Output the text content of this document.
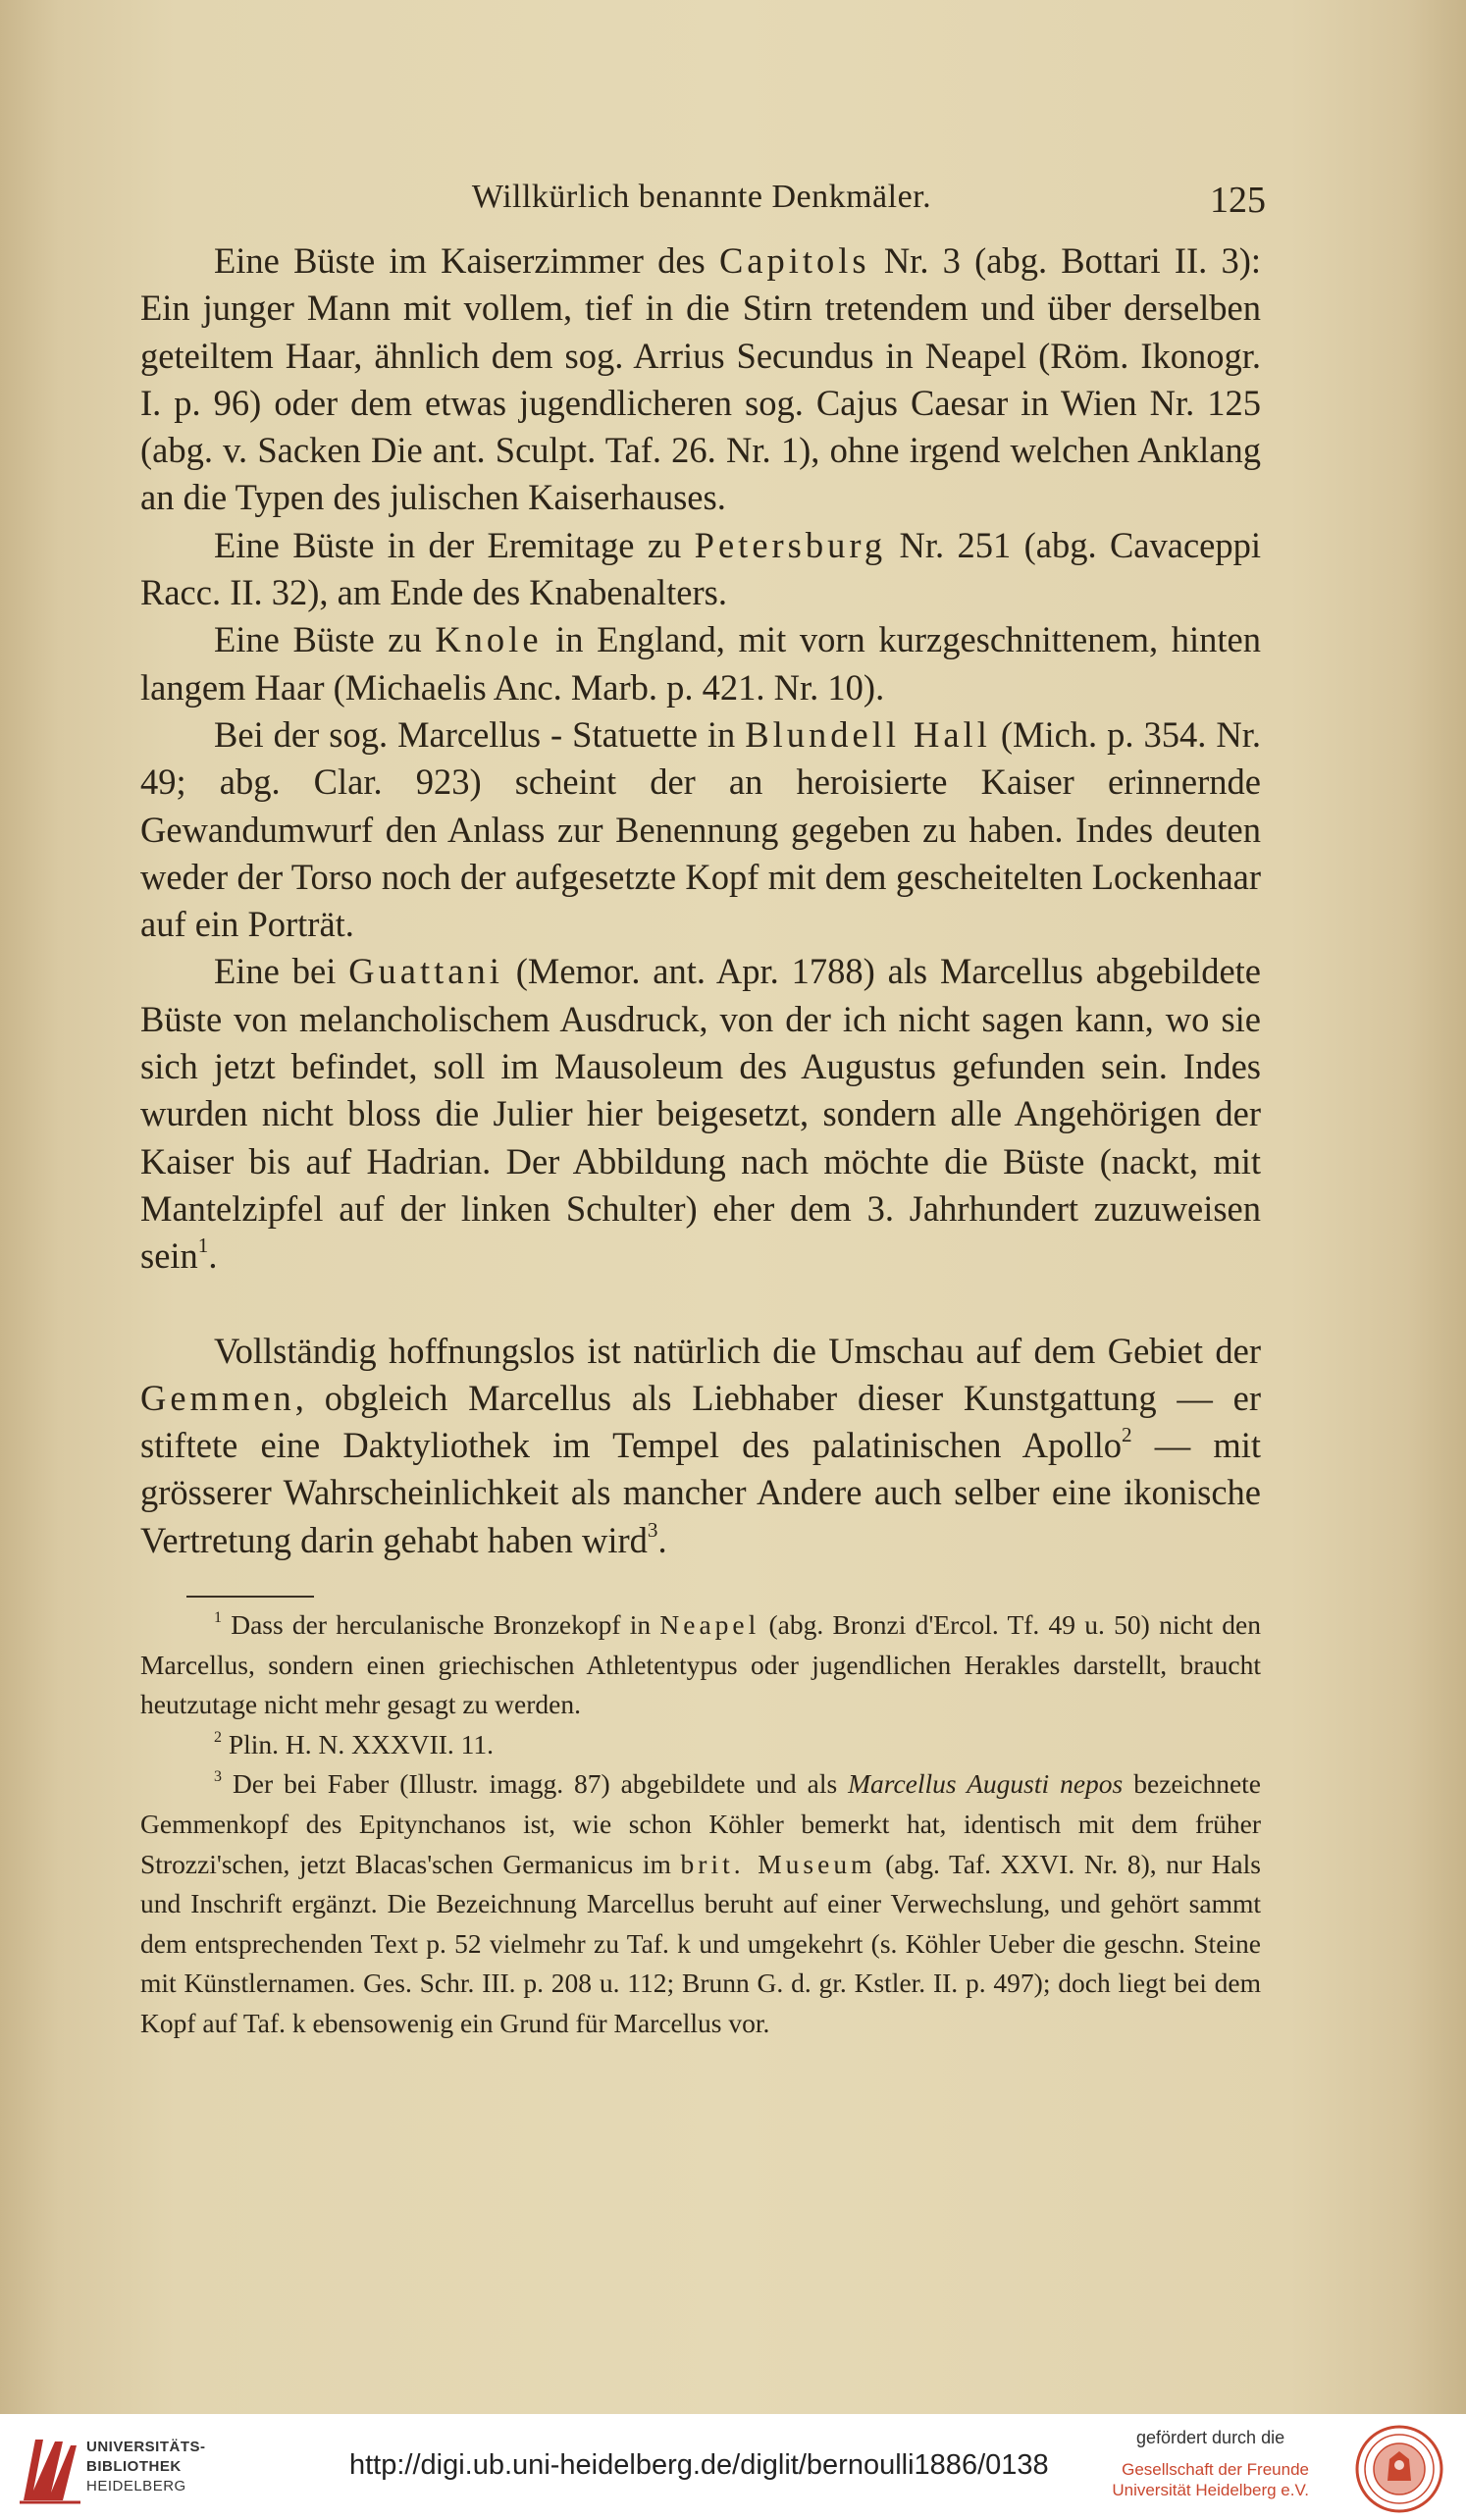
Willkürlich benannte Denkmäler.	125

Eine Büste im Kaiserzimmer des Capitols Nr. 3 (abg. Bottari II. 3): Ein junger Mann mit vollem, tief in die Stirn tretendem und über derselben geteiltem Haar, ähnlich dem sog. Arrius Secundus in Neapel (Röm. Ikonogr. I. p. 96) oder dem etwas jugendlicheren sog. Cajus Caesar in Wien Nr. 125 (abg. v. Sacken Die ant. Sculpt. Taf. 26. Nr. 1), ohne irgend welchen Anklang an die Typen des julischen Kaiserhauses.

Eine Büste in der Eremitage zu Petersburg Nr. 251 (abg. Cavaceppi Racc. II. 32), am Ende des Knabenalters.

Eine Büste zu Knole in England, mit vorn kurzgeschnittenem, hinten langem Haar (Michaelis Anc. Marb. p. 421. Nr. 10).

Bei der sog. Marcellus - Statuette in Blundell Hall (Mich. p. 354. Nr. 49; abg. Clar. 923) scheint der an heroisierte Kaiser erinnernde Gewandumwurf den Anlass zur Benennung gegeben zu haben. Indes deuten weder der Torso noch der aufgesetzte Kopf mit dem gescheitelten Lockenhaar auf ein Porträt.

Eine bei Guattani (Memor. ant. Apr. 1788) als Marcellus abgebildete Büste von melancholischem Ausdruck, von der ich nicht sagen kann, wo sie sich jetzt befindet, soll im Mausoleum des Augustus gefunden sein. Indes wurden nicht bloss die Julier hier beigesetzt, sondern alle Angehörigen der Kaiser bis auf Hadrian. Der Abbildung nach möchte die Büste (nackt, mit Mantelzipfel auf der linken Schulter) eher dem 3. Jahrhundert zuzuweisen sein$^1$.

Vollständig hoffnungslos ist natürlich die Umschau auf dem Gebiet der Gemmen, obgleich Marcellus als Liebhaber dieser Kunstgattung — er stiftete eine Daktyliothek im Tempel des palatinischen Apollo$^2$ — mit grösserer Wahrscheinlichkeit als mancher Andere auch selber eine ikonische Vertretung darin gehabt haben wird$^3$.

$^1$ Dass der herculanische Bronzekopf in Neapel (abg. Bronzi d'Ercol. Tf. 49 u. 50) nicht den Marcellus, sondern einen griechischen Athletentypus oder jugendlichen Herakles darstellt, braucht heutzutage nicht mehr gesagt zu werden.

$^2$ Plin. H. N. XXXVII. 11.

$^3$ Der bei Faber (Illustr. imagg. 87) abgebildete und als Marcellus Augusti nepos bezeichnete Gemmenkopf des Epitynchanos ist, wie schon Köhler bemerkt hat, identisch mit dem früher Strozzi'schen, jetzt Blacas'schen Germanicus im brit. Museum (abg. Taf. XXVI. Nr. 8), nur Hals und Inschrift ergänzt. Die Bezeichnung Marcellus beruht auf einer Verwechslung, und gehört sammt dem entsprechenden Text p. 52 vielmehr zu Taf. k und umgekehrt (s. Köhler Ueber die geschn. Steine mit Künstlernamen. Ges. Schr. III. p. 208 u. 112; Brunn G. d. gr. Kstler. II. p. 497); doch liegt bei dem Kopf auf Taf. k ebensowenig ein Grund für Marcellus vor.

UNIVERSITÄTS-
BIBLIOTHEK
HEIDELBERG
http://digi.ub.uni-heidelberg.de/diglit/bernoulli1886/0138
gefördert durch die
Gesellschaft der Freunde
Universität Heidelberg e.V.
